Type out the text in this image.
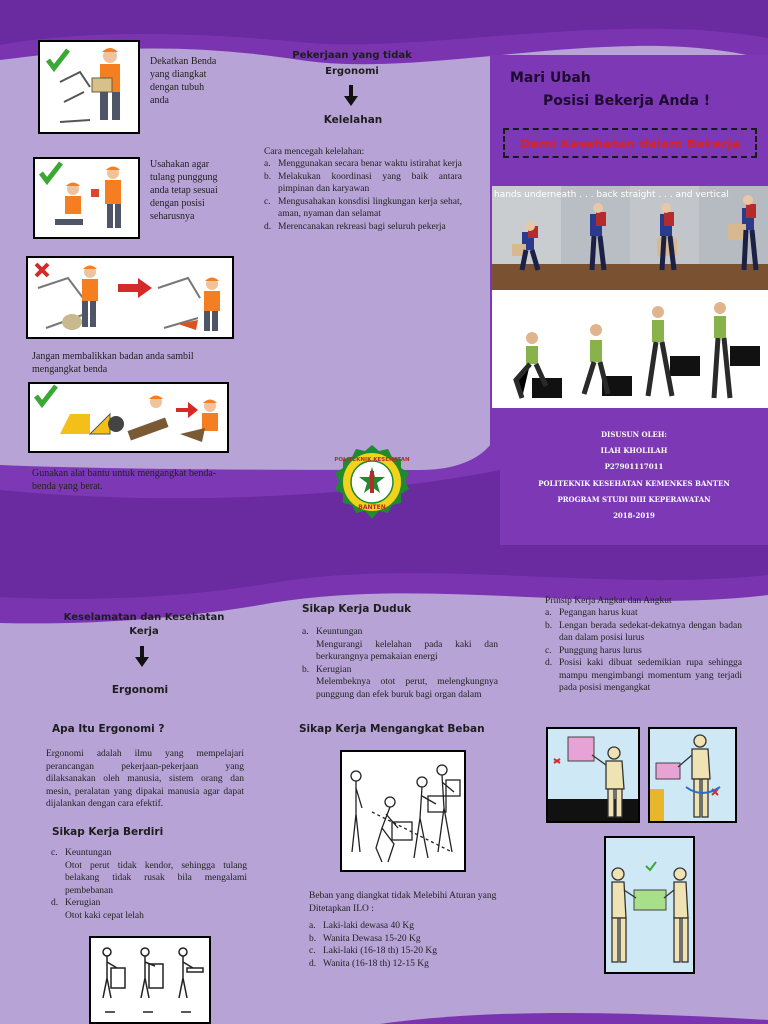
Dekatkan Benda yang diangkat dengan tubuh anda
Usahakan agar tulang punggung anda tetap sesuai dengan posisi seharusnya
Jangan membalikkan badan anda sambil mengangkat benda
Gunakan alat bantu untuk mengangkat benda-benda yang berat.
Pekerjaan yang tidak Ergonomi
Kelelahan
Cara mencegah kelelahan:
a. Menggunakan secara benar waktu istirahat kerja
b. Melakukan koordinasi yang baik antara pimpinan dan karyawan
c. Mengusahakan konsdisi lingkungan kerja sehat, aman, nyaman dan selamat
d. Merencanakan rekreasi bagi seluruh pekerja
Mari Ubah
Posisi Bekerja Anda !
Demi Kesehatan dalam Bekerja
hands underneath . . . back straight . . . and vertical
POLITEKNIK KESEHATAN
BANTEN
DISUSUN OLEH:
ILAH KHOLILAH
P27901117011
POLITEKNIK KESEHATAN KEMENKES BANTEN
PROGRAM STUDI DIII KEPERAWATAN
2018-2019
Keselamatan dan Kesehatan Kerja
Ergonomi
Apa Itu Ergonomi ?
Ergonomi adalah ilmu yang mempelajari perancangan pekerjaan-pekerjaan yang dilaksanakan oleh manusia, sistem orang dan mesin, peralatan yang dipakai manusia agar dapat dijalankan dengan cara efektif.
Sikap Kerja Berdiri
c. Keuntungan
Otot perut tidak kendor, sehingga tulang belakang tidak rusak bila mengalami pembebanan
d. Kerugian
Otot kaki cepat lelah
Sikap Kerja Duduk
a. Keuntungan
Mengurangi kelelahan pada kaki dan berkurangnya pemakaian energi
b. Kerugian
Melembeknya otot perut, melengkungnya punggung dan efek buruk bagi organ dalam
Sikap Kerja Mengangkat Beban
Beban yang diangkat tidak Melebihi Aturan yang Ditetapkan ILO :
a. Laki-laki dewasa 40 Kg
b. Wanita Dewasa 15-20 Kg
c. Laki-laki (16-18 th) 15-20 Kg
d. Wanita (16-18 th) 12-15 Kg
Prinsip Kerja Angkat dan Angkut
a. Pegangan harus kuat
b. Lengan berada sedekat-dekatnya dengan badan dan dalam posisi lurus
c. Punggung harus lurus
d. Posisi kaki dibuat sedemikian rupa sehingga mampu mengimbangi momentum yang terjadi pada posisi mengangkat
